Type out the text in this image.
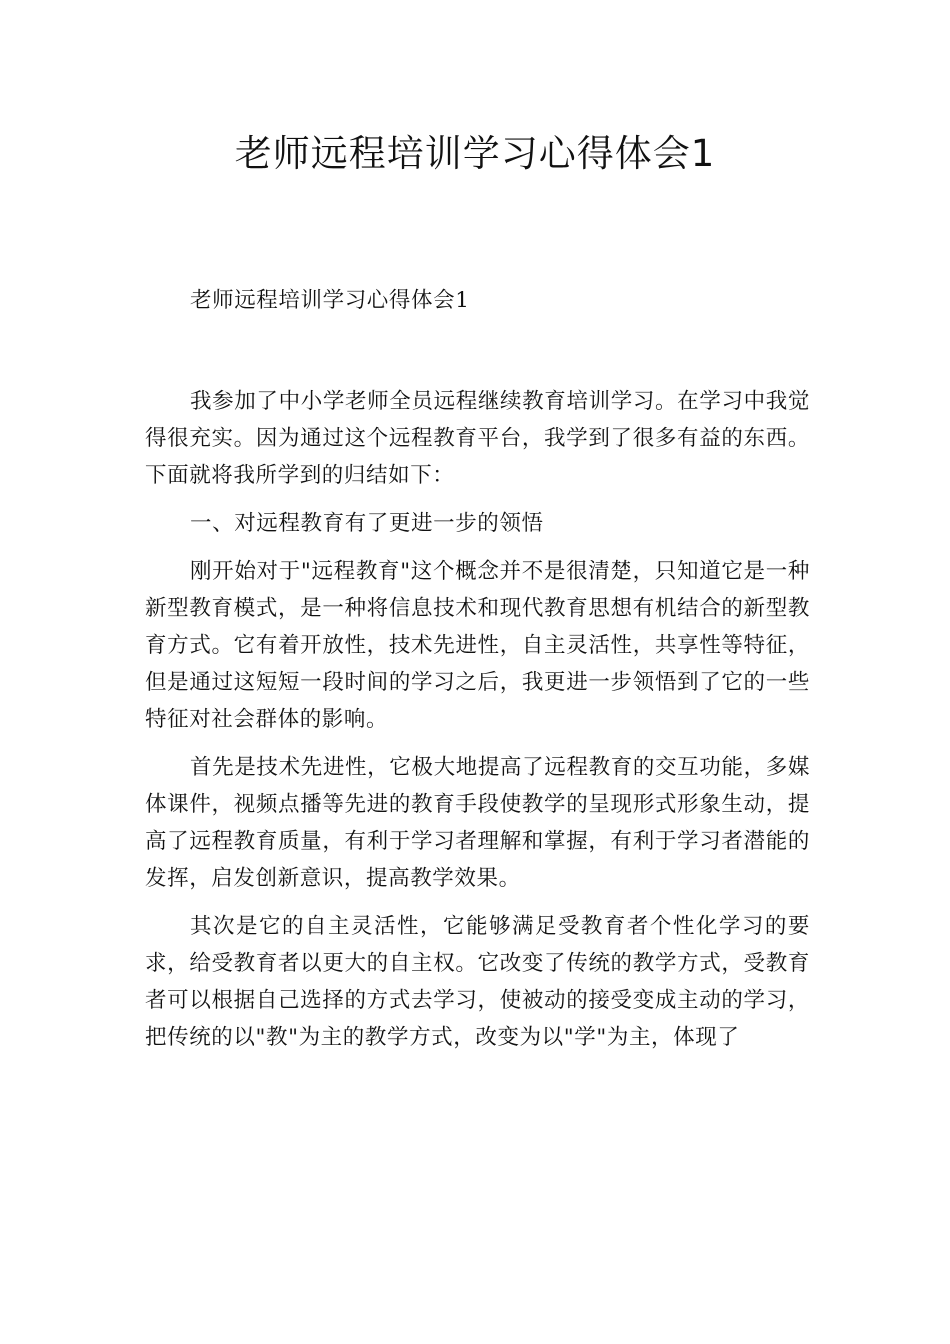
老师远程培训学习心得体会1
老师远程培训学习心得体会1

我参加了中小学老师全员远程继续教育培训学习。在学习中我觉得很充实。因为通过这个远程教育平台，我学到了很多有益的东西。下面就将我所学到的归结如下：

一、对远程教育有了更进一步的领悟

刚开始对于"远程教育"这个概念并不是很清楚，只知道它是一种新型教育模式，是一种将信息技术和现代教育思想有机结合的新型教育方式。它有着开放性，技术先进性，自主灵活性，共享性等特征，但是通过这短短一段时间的学习之后，我更进一步领悟到了它的一些特征对社会群体的影响。

首先是技术先进性，它极大地提高了远程教育的交互功能，多媒体课件，视频点播等先进的教育手段使教学的呈现形式形象生动，提高了远程教育质量，有利于学习者理解和掌握，有利于学习者潜能的发挥，启发创新意识，提高教学效果。

其次是它的自主灵活性，它能够满足受教育者个性化学习的要求，给受教育者以更大的自主权。它改变了传统的教学方式，受教育者可以根据自己选择的方式去学习，使被动的接受变成主动的学习，把传统的以"教"为主的教学方式，改变为以"学"为主，体现了
